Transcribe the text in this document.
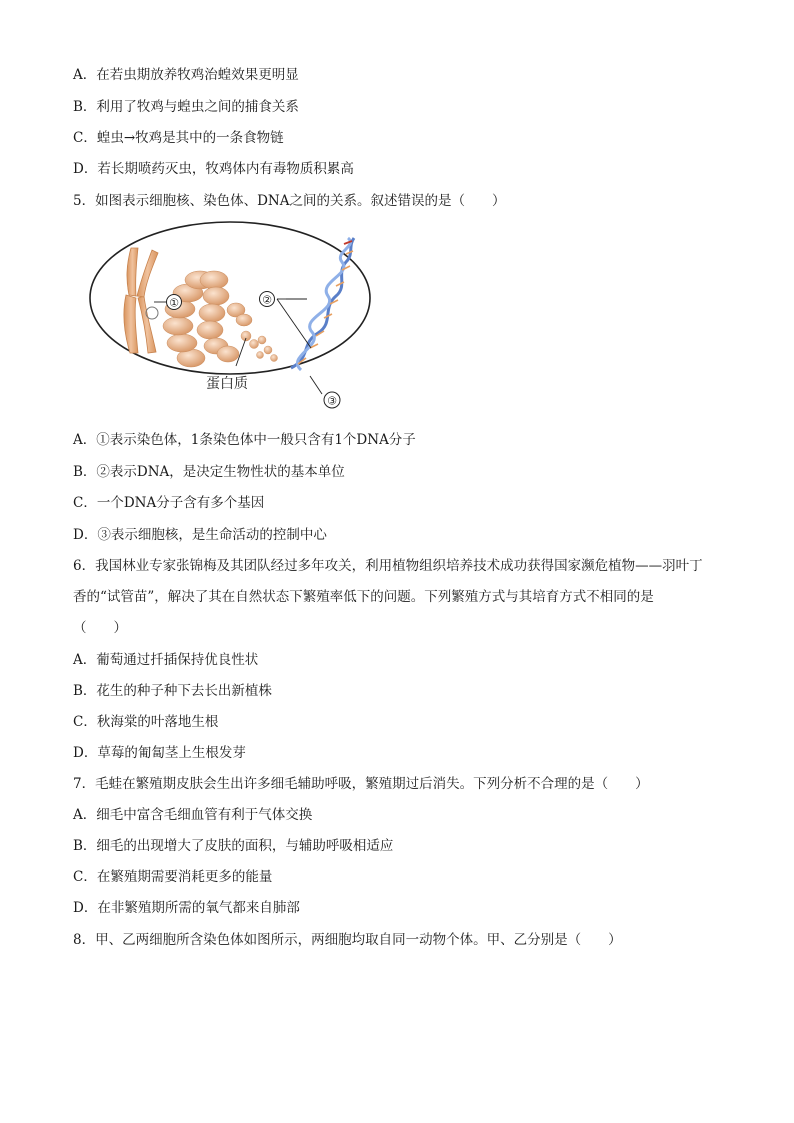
A．在若虫期放养牧鸡治蝗效果更明显
B．利用了牧鸡与蝗虫之间的捕食关系
C．蝗虫→牧鸡是其中的一条食物链
D．若长期喷药灭虫，牧鸡体内有毒物质积累高
5．如图表示细胞核、染色体、DNA之间的关系。叙述错误的是（　　）
①	②
③
蛋白质
A．①表示染色体，1条染色体中一般只含有1个DNA分子
B．②表示DNA，是决定生物性状的基本单位
C．一个DNA分子含有多个基因
D．③表示细胞核，是生命活动的控制中心
6．我国林业专家张锦梅及其团队经过多年攻关，利用植物组织培养技术成功获得国家濒危植物——羽叶丁
香的“试管苗”，解决了其在自然状态下繁殖率低下的问题。下列繁殖方式与其培育方式不相同的是
（　　）
A．葡萄通过扦插保持优良性状
B．花生的种子种下去长出新植株
C．秋海棠的叶落地生根
D．草莓的匍匐茎上生根发芽
7．毛蛙在繁殖期皮肤会生出许多细毛辅助呼吸，繁殖期过后消失。下列分析不合理的是（　　）
A．细毛中富含毛细血管有利于气体交换
B．细毛的出现增大了皮肤的面积，与辅助呼吸相适应
C．在繁殖期需要消耗更多的能量
D．在非繁殖期所需的氧气都来自肺部
8．甲、乙两细胞所含染色体如图所示，两细胞均取自同一动物个体。甲、乙分别是（　　）
